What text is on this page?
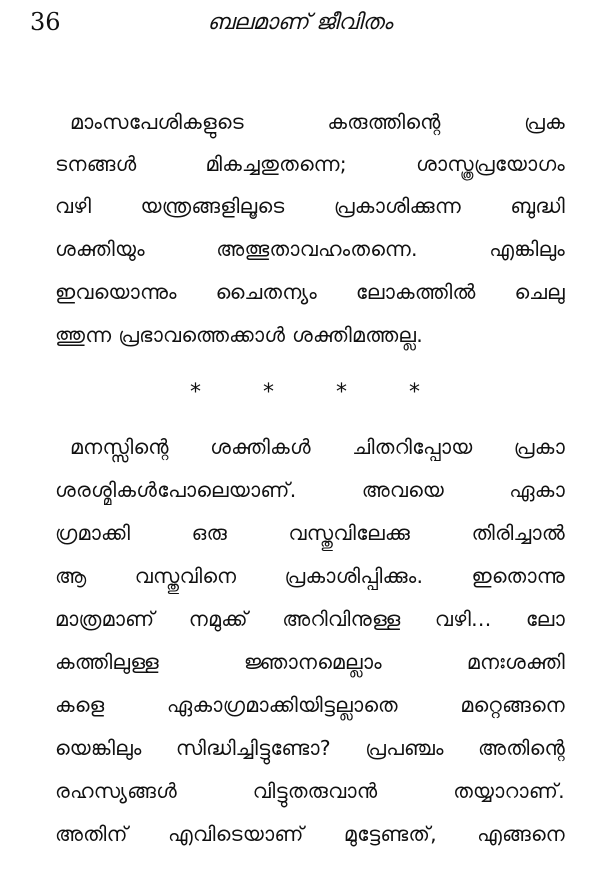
36	ബലമാണ് ജീവിതം
മാംസപേശികളുടെ കരുത്തിന്റെ പ്രക
ടനങ്ങൾ മികച്ചതുതന്നെ; ശാസ്ത്രപ്രയോഗം
വഴി യന്ത്രങ്ങളിലൂടെ പ്രകാശിക്കുന്ന ബുദ്ധി
ശക്തിയും അത്ഭുതാവഹംതന്നെ. എങ്കിലും
ഇവയൊന്നും ചൈതന്യം ലോകത്തിൽ ചെലു
ത്തുന്ന പ്രഭാവത്തെക്കാൾ ശക്തിമത്തല്ല.
*	*	*	*
മനസ്സിന്റെ ശക്തികൾ ചിതറിപ്പോയ പ്രകാ
ശരശ്മികൾപോലെയാണ്. അവയെ ഏകാ
ഗ്രമാക്കി ഒരു വസ്തുവിലേക്കു തിരിച്ചാൽ
ആ വസ്തുവിനെ പ്രകാശിപ്പിക്കും. ഇതൊന്നു
മാത്രമാണ് നമുക്ക് അറിവിനുള്ള വഴി... ലോ
കത്തിലുള്ള ജ്ഞാനമെല്ലാം മനഃശക്തി
കളെ ഏകാഗ്രമാക്കിയിട്ടല്ലാതെ മറ്റെങ്ങനെ
യെങ്കിലും സിദ്ധിച്ചിട്ടുണ്ടോ? പ്രപഞ്ചം അതിന്റെ
രഹസ്യങ്ങൾ വിട്ടുതരുവാൻ തയ്യാറാണ്.
അതിന് എവിടെയാണ് മുട്ടേണ്ടത്, എങ്ങനെ
